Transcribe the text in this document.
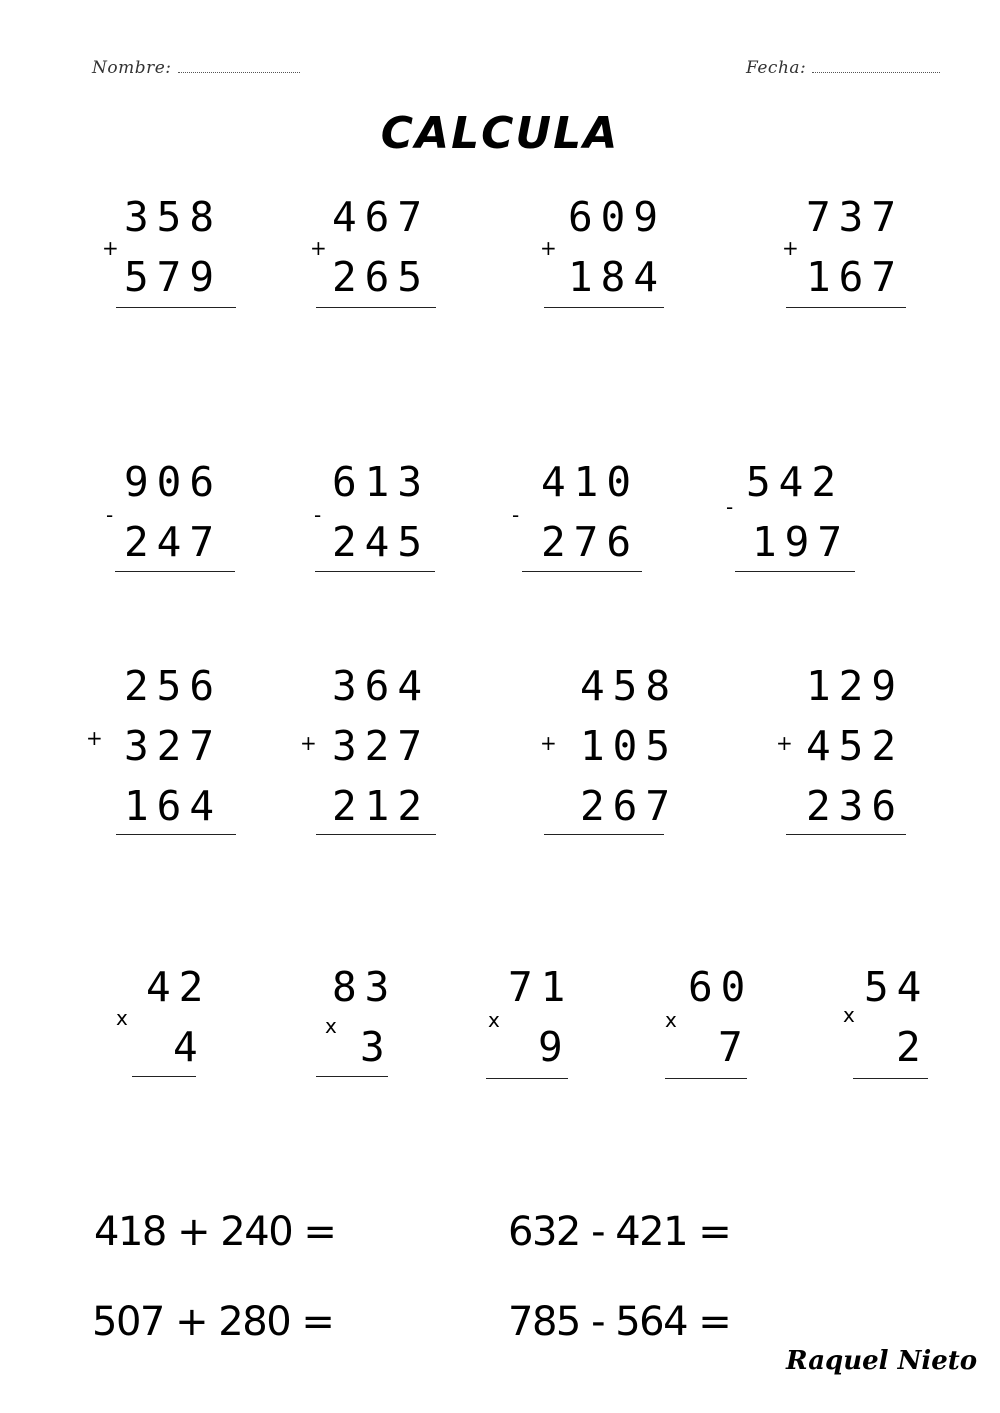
Nombre:	Fecha:
CALCULA
358
+
579
467
+
265
609
+
184
737
+
167
906
-
247
613
-
245
410
-
276
542
-
197
256
+ 327
164
364
+ 327
212
458
+ 105
267
129
+ 452
236
42
x
4
83
x 3
71
x
9
60
x
7
54
x
2
418 + 240 =	632 - 421 =
507 + 280 =	785 - 564 =
Raquel Nieto
